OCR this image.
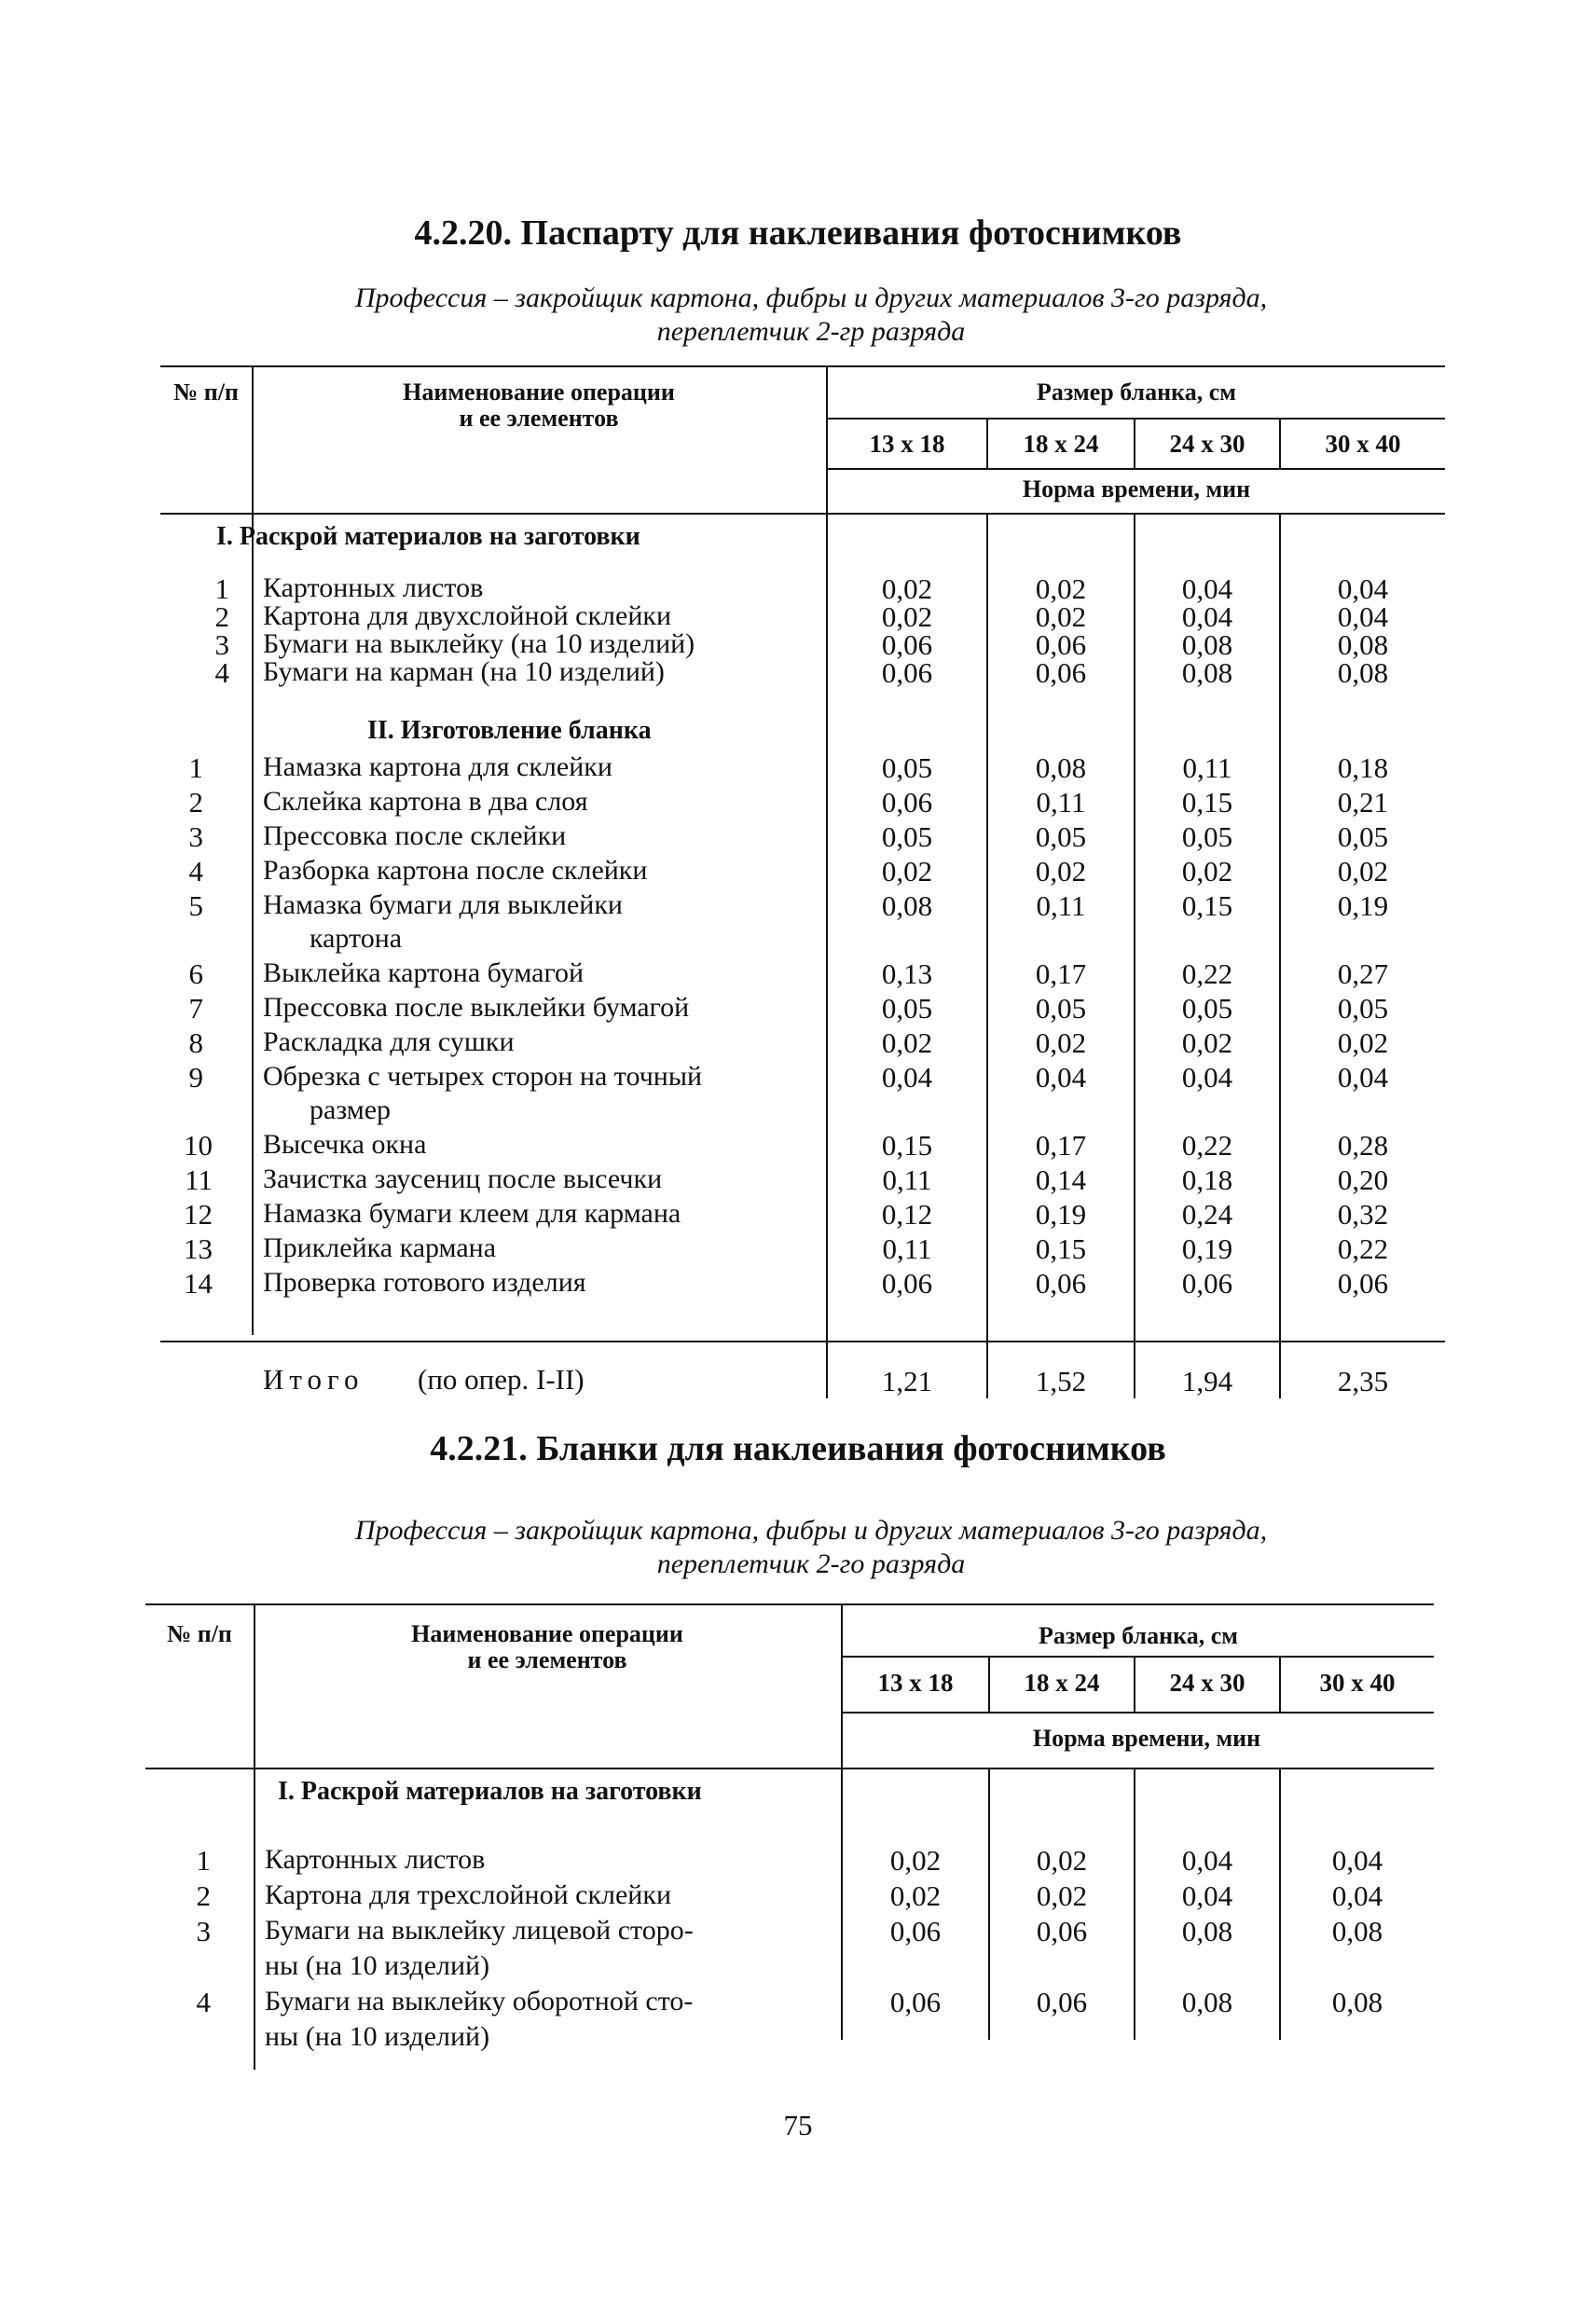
4.2.20. Паспарту для наклеивания фотоснимков
Профессия – закройщик картона, фибры и других материалов 3-го разряда,
переплетчик 2-гр разряда
№ п/п	Наименование операции
и ее элементов
Размер бланка, см
13 х 18	18 х 24	24 х 30	30 х 40
Норма времени, мин
I. Раскрой материалов на заготовки
1 Картонных листов	0,02	0,02	0,04	0,04
2 Картона для двухслойной склейки	0,02	0,02	0,04	0,04
3 Бумаги на выклейку (на 10 изделий)	0,06	0,06	0,08	0,08
4 Бумаги на карман (на 10 изделий)	0,06	0,06	0,08	0,08
II. Изготовление бланка
1 Намазка картона для склейки	0,05	0,08	0,11	0,18
2 Склейка картона в два слоя	0,06	0,11	0,15	0,21
3 Прессовка после склейки	0,05	0,05	0,05	0,05
4 Разборка картона после склейки	0,02	0,02	0,02	0,02
5 Намазка бумаги для выклейки
картона
0,08	0,11	0,15	0,19
6 Выклейка картона бумагой	0,13	0,17	0,22	0,27
7 Прессовка после выклейки бумагой	0,05	0,05	0,05	0,05
8 Раскладка для сушки	0,02	0,02	0,02	0,02
9 Обрезка с четырех сторон на точный
размер
0,04	0,04	0,04	0,04
10 Высечка окна	0,15	0,17	0,22	0,28
11 Зачистка заусениц после высечки	0,11	0,14	0,18	0,20
12 Намазка бумаги клеем для кармана	0,12	0,19	0,24	0,32
13 Приклейка кармана	0,11	0,15	0,19	0,22
14 Проверка готового изделия	0,06	0,06	0,06	0,06
Итого (по опер. I-II)	1,21	1,52	1,94	2,35
4.2.21. Бланки для наклеивания фотоснимков
Профессия – закройщик картона, фибры и других материалов 3-го разряда,
переплетчик 2-го разряда
№ п/п	Наименование операции
и ее элементов
Размер бланка, см
13 х 18	18 х 24	24 х 30	30 х 40
Норма времени, мин
I. Раскрой материалов на заготовки
1 Картонных листов	0,02	0,02	0,04	0,04
2 Картона для трехслойной склейки	0,02	0,02	0,04	0,04
3 Бумаги на выклейку лицевой сторо-
ны (на 10 изделий)
0,06	0,06	0,08	0,08
4 Бумаги на выклейку оборотной сто-
ны (на 10 изделий)
0,06	0,06	0,08	0,08
75
